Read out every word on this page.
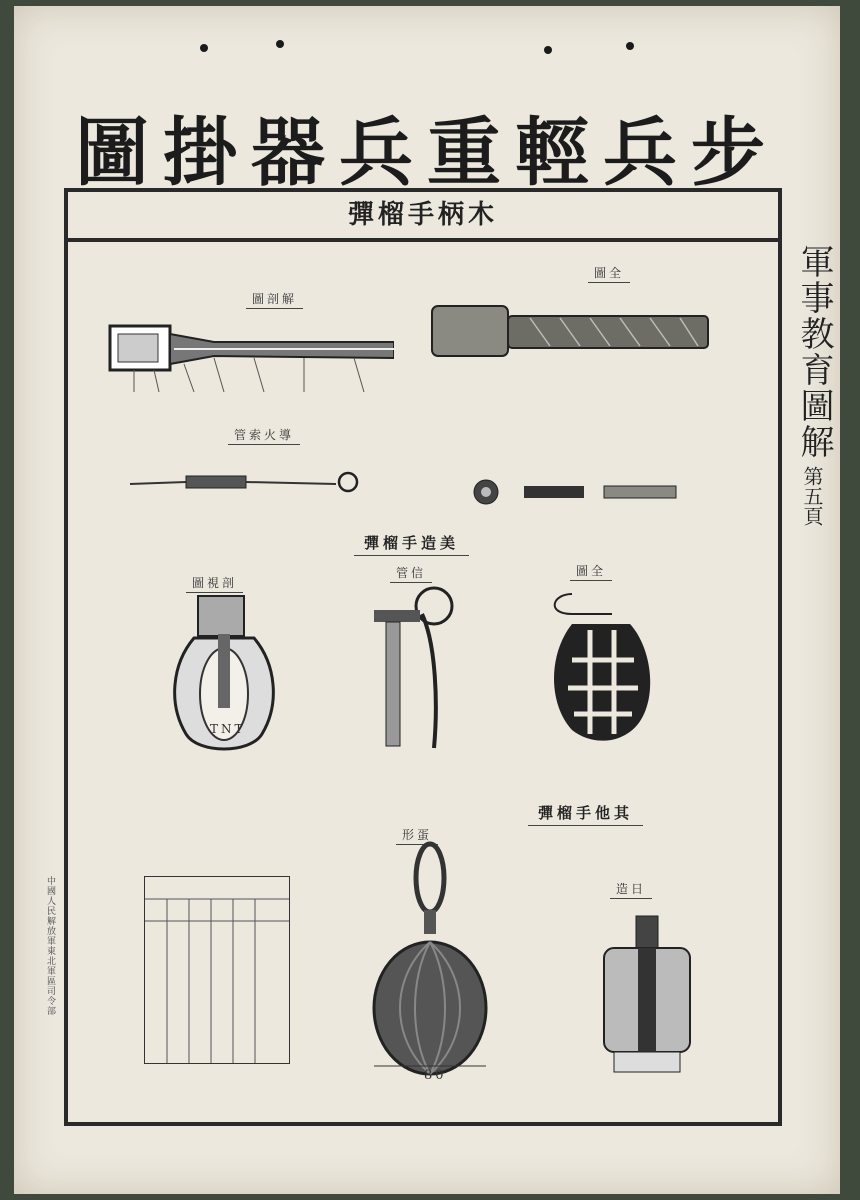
步兵輕重兵器掛圖
木柄手榴彈
軍事教育圖解
第五頁
解剖圖
全圖
導火索管
美造手榴彈
剖視圖
TNT
信管	全圖
其他手榴彈
蛋形
80
日造
中國人民解放軍東北軍區司令部
